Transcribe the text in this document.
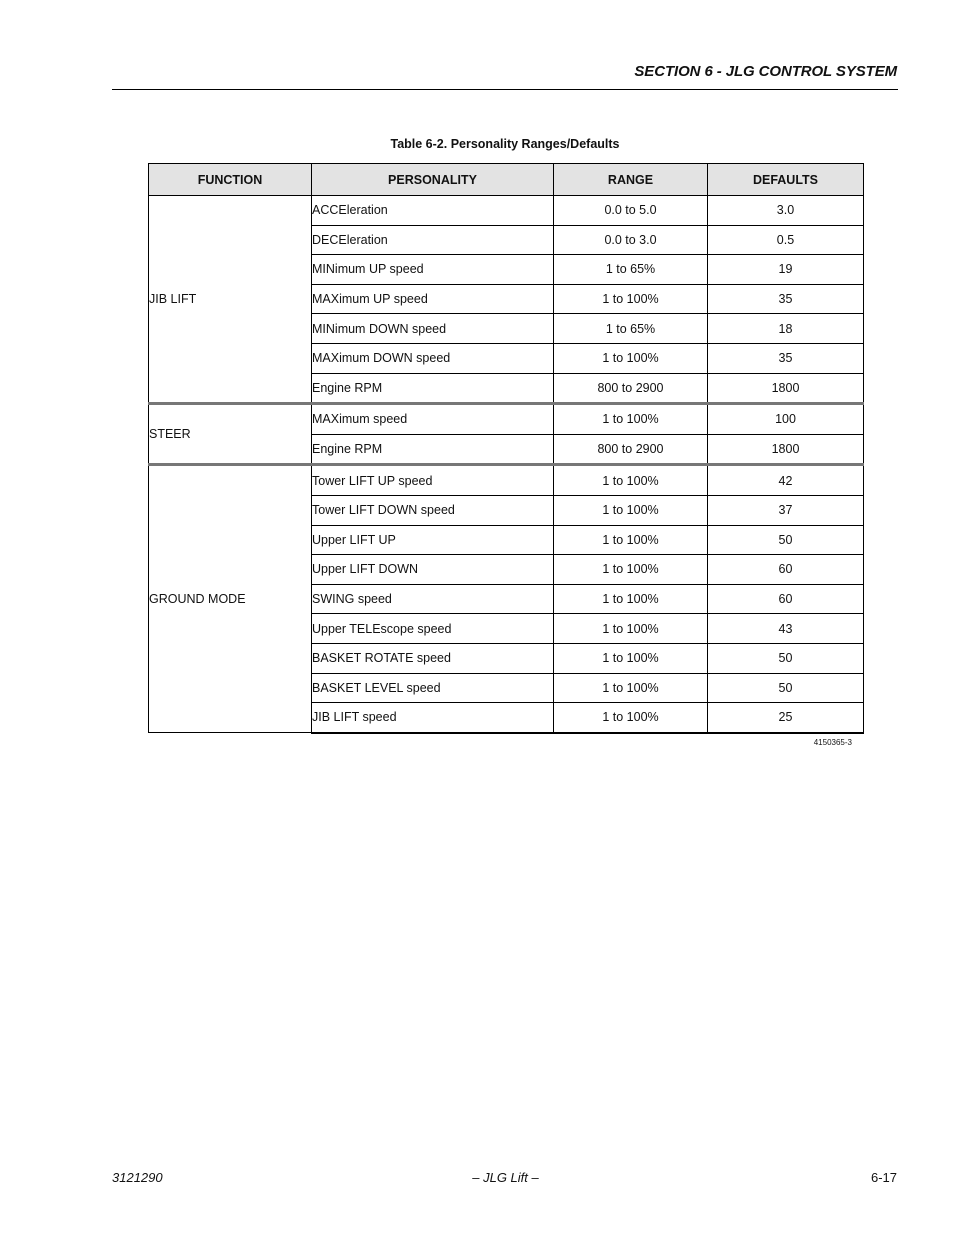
SECTION 6 - JLG CONTROL SYSTEM
Table 6-2. Personality Ranges/Defaults
FUNCTION	PERSONALITY	RANGE	DEFAULTS
JIB LIFT	ACCEleration	0.0 to 5.0	3.0
	DECEleration	0.0 to 3.0	0.5
	MINimum UP speed	1 to 65%	19
	MAXimum UP speed	1 to 100%	35
	MINimum DOWN speed	1 to 65%	18
	MAXimum DOWN speed	1 to 100%	35
	Engine RPM	800 to 2900	1800
STEER	MAXimum speed	1 to 100%	100
	Engine RPM	800 to 2900	1800
GROUND MODE	Tower LIFT UP speed	1 to 100%	42
	Tower LIFT DOWN speed	1 to 100%	37
	Upper LIFT UP	1 to 100%	50
	Upper LIFT DOWN	1 to 100%	60
	SWING speed	1 to 100%	60
	Upper TELEscope speed	1 to 100%	43
	BASKET ROTATE speed	1 to 100%	50
	BASKET LEVEL speed	1 to 100%	50
	JIB LIFT speed	1 to 100%	25
4150365-3
3121290	– JLG Lift –	6-17
